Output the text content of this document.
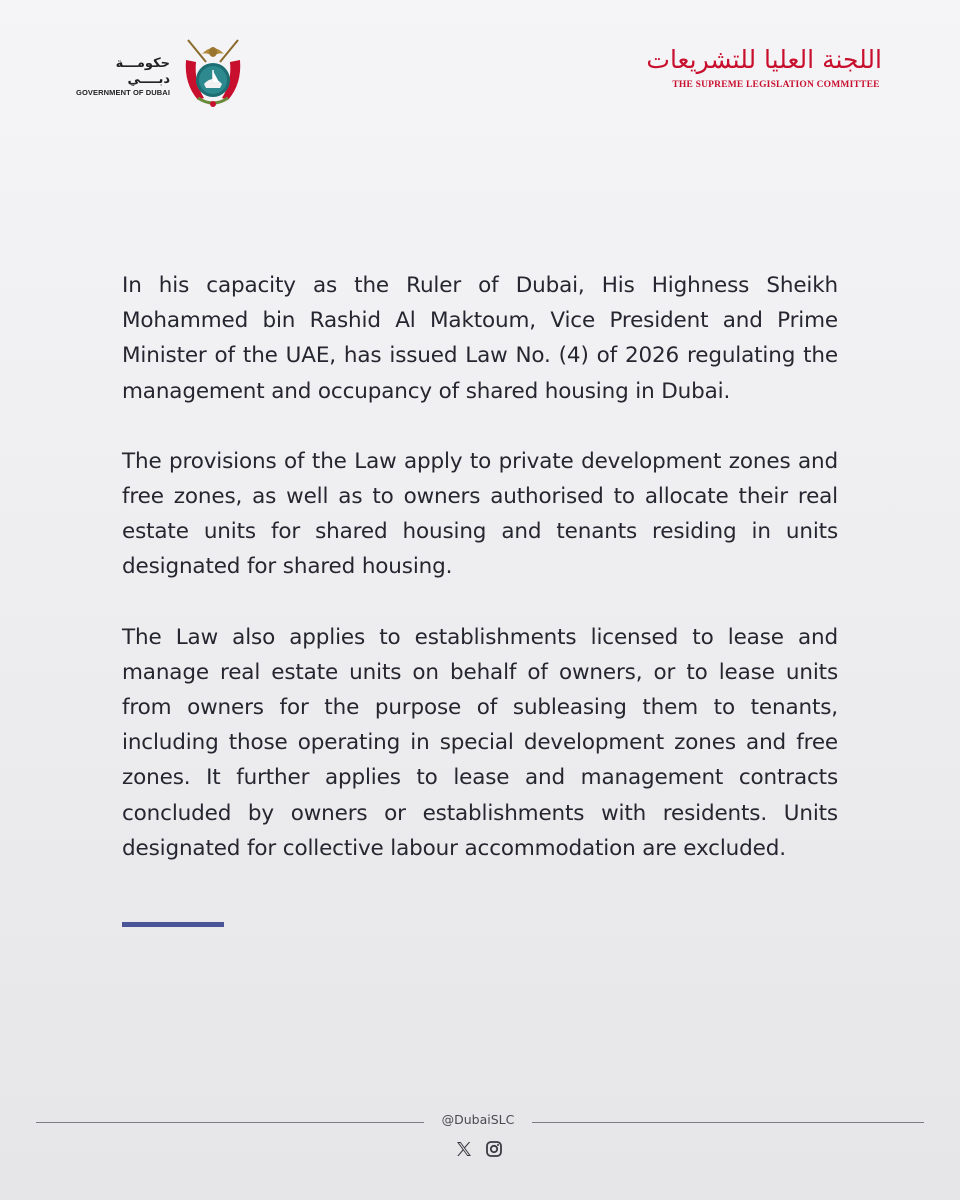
حكومـــة دبــــي
GOVERNMENT OF DUBAI
اللجنة العليا للتشريعات
THE SUPREME LEGISLATION COMMITTEE

In his capacity as the Ruler of Dubai, His Highness Sheikh Mohammed bin Rashid Al Maktoum, Vice President and Prime Minister of the UAE, has issued Law No. (4) of 2026 regulating the management and occupancy of shared housing in Dubai.

The provisions of the Law apply to private development zones and free zones, as well as to owners authorised to allocate their real estate units for shared housing and tenants residing in units designated for shared housing.

The Law also applies to establishments licensed to lease and manage real estate units on behalf of owners, or to lease units from owners for the purpose of subleasing them to tenants, including those operating in special development zones and free zones. It further applies to lease and management contracts concluded by owners or establishments with residents. Units designated for collective labour accommodation are excluded.

@DubaiSLC
